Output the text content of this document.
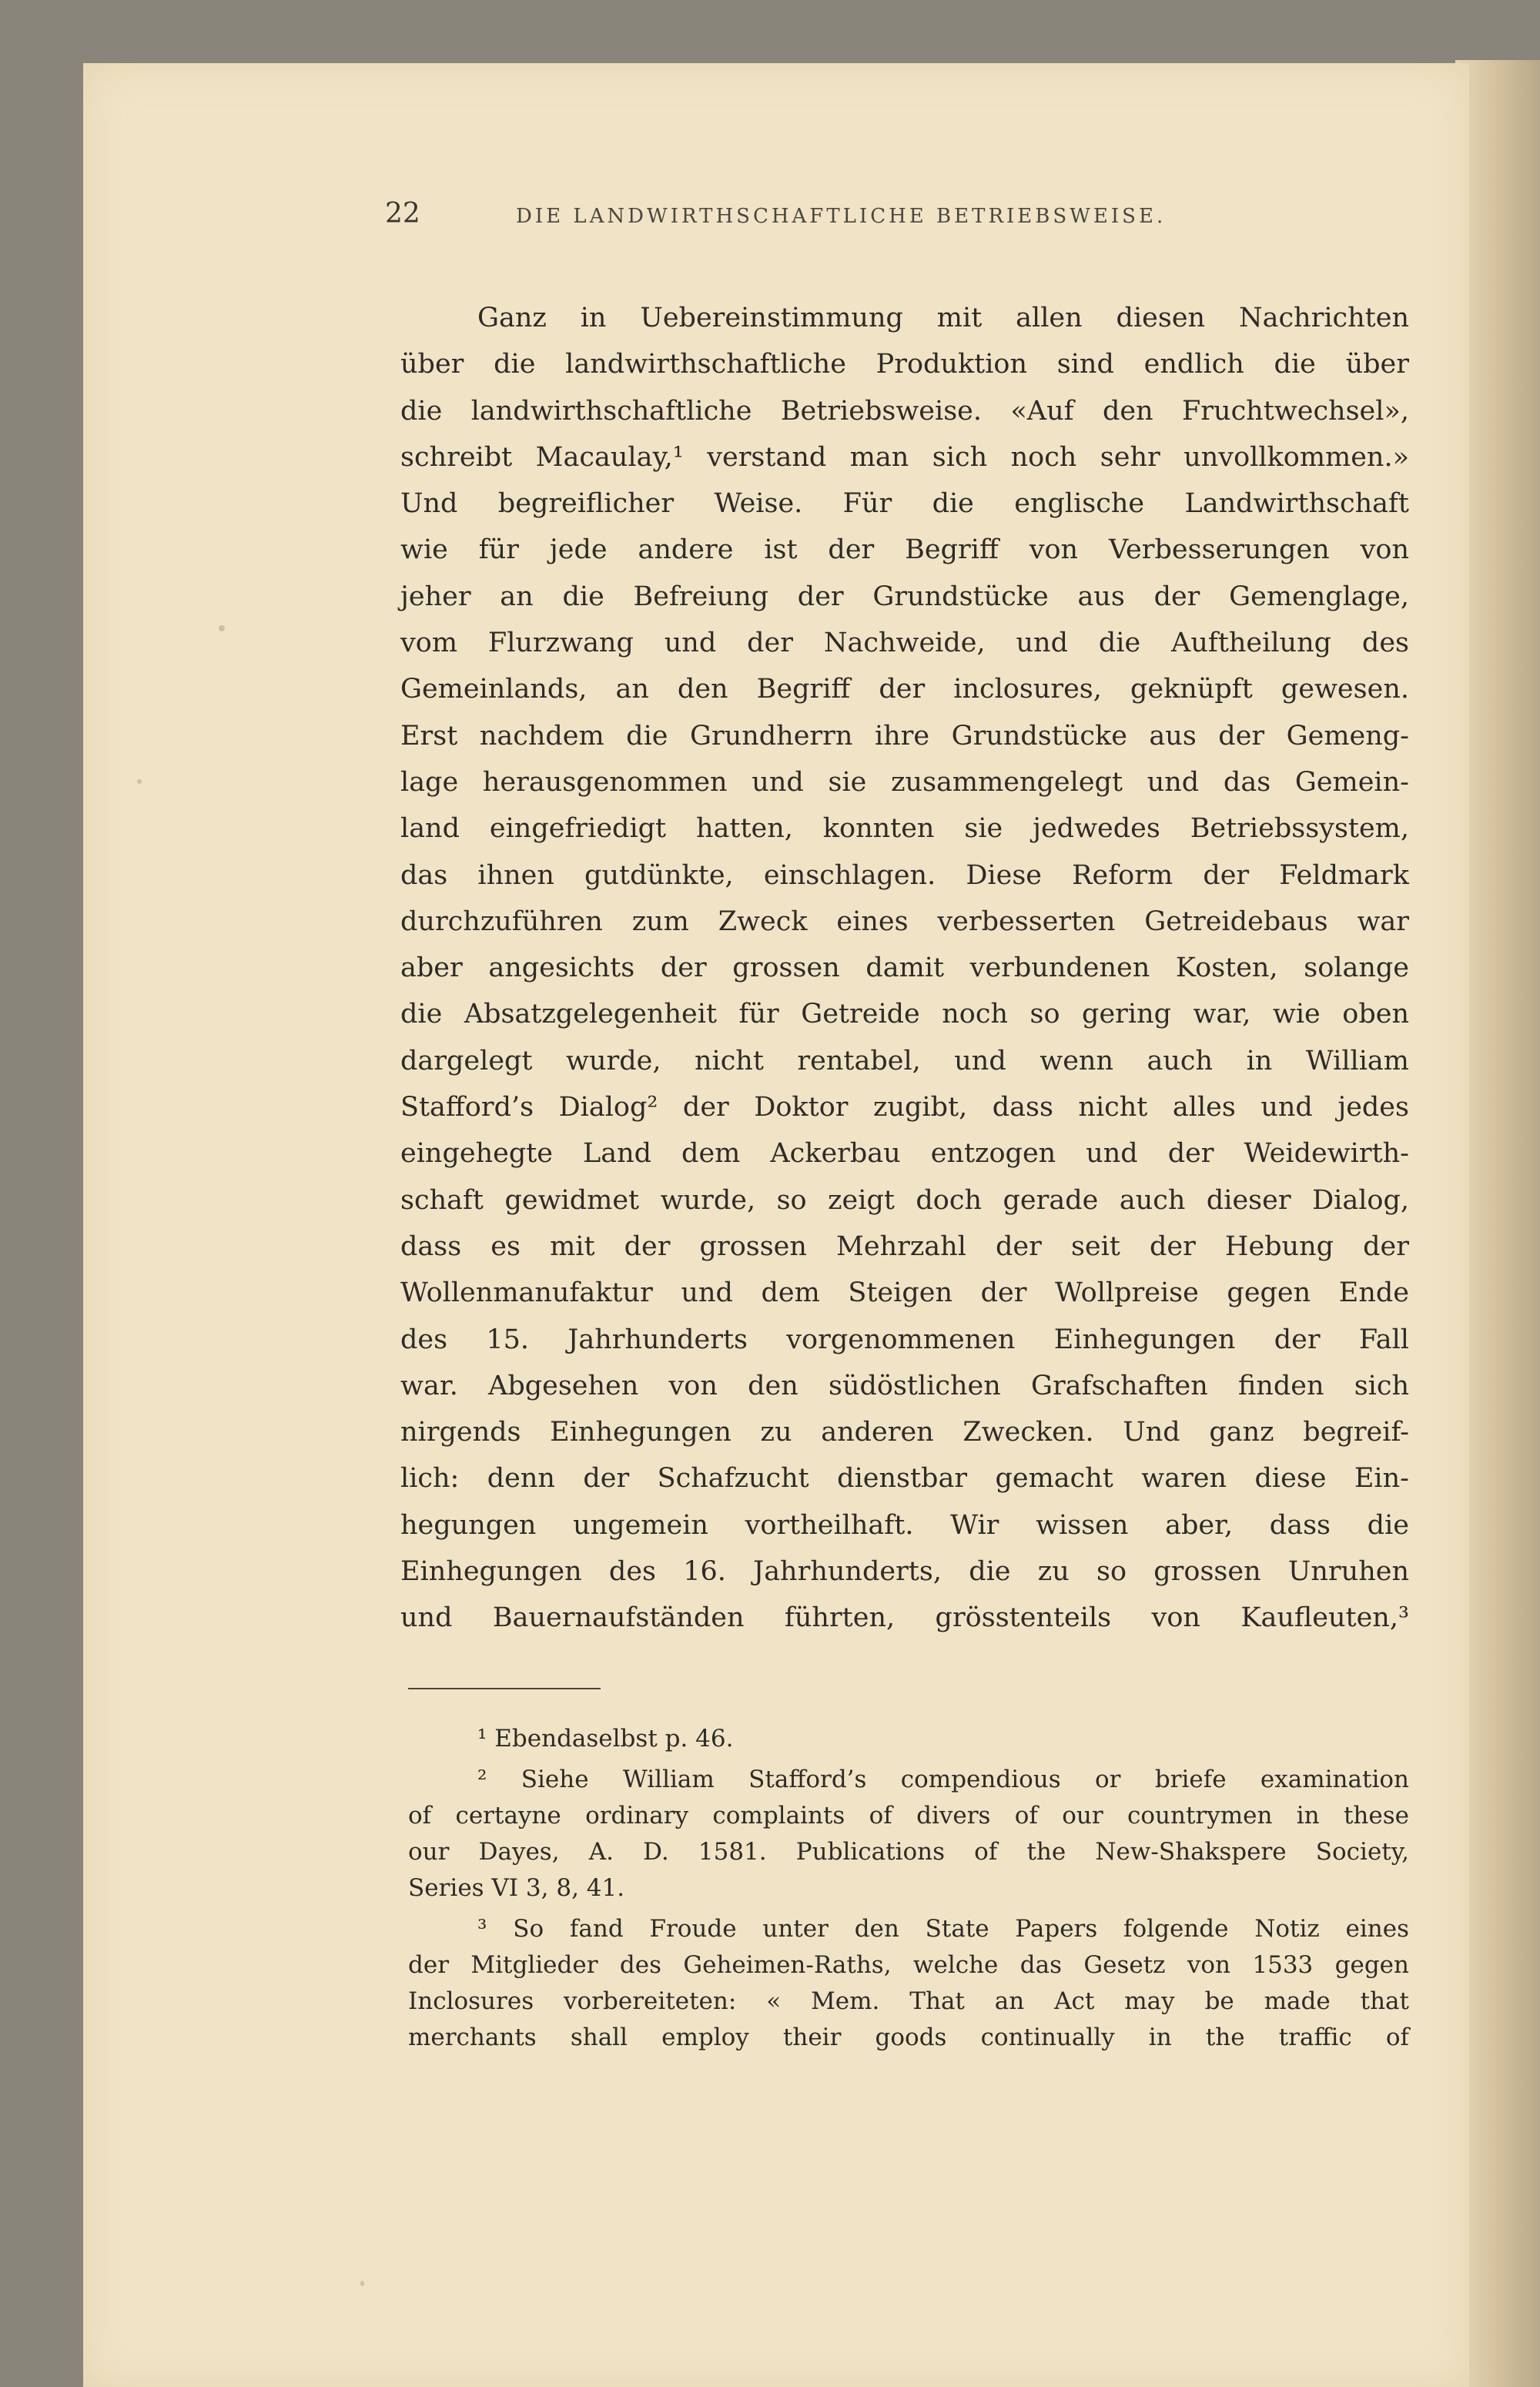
22	DIE LANDWIRTHSCHAFTLICHE BETRIEBSWEISE.
Ganz in Uebereinstimmung mit allen diesen Nachrichten
über die landwirthschaftliche Produktion sind endlich die über
die landwirthschaftliche Betriebsweise. «Auf den Fruchtwechsel»,
schreibt Macaulay,¹ verstand man sich noch sehr unvollkommen.»
Und begreiflicher Weise. Für die englische Landwirthschaft
wie für jede andere ist der Begriff von Verbesserungen von
jeher an die Befreiung der Grundstücke aus der Gemenglage,
vom Flurzwang und der Nachweide, und die Auftheilung des
Gemeinlands, an den Begriff der inclosures, geknüpft gewesen.
Erst nachdem die Grundherrn ihre Grundstücke aus der Gemeng-
lage herausgenommen und sie zusammengelegt und das Gemein-
land eingefriedigt hatten, konnten sie jedwedes Betriebssystem,
das ihnen gutdünkte, einschlagen. Diese Reform der Feldmark
durchzuführen zum Zweck eines verbesserten Getreidebaus war
aber angesichts der grossen damit verbundenen Kosten, solange
die Absatzgelegenheit für Getreide noch so gering war, wie oben
dargelegt wurde, nicht rentabel, und wenn auch in William
Stafford’s Dialog² der Doktor zugibt, dass nicht alles und jedes
eingehegte Land dem Ackerbau entzogen und der Weidewirth-
schaft gewidmet wurde, so zeigt doch gerade auch dieser Dialog,
dass es mit der grossen Mehrzahl der seit der Hebung der
Wollenmanufaktur und dem Steigen der Wollpreise gegen Ende
des 15. Jahrhunderts vorgenommenen Einhegungen der Fall
war. Abgesehen von den südöstlichen Grafschaften finden sich
nirgends Einhegungen zu anderen Zwecken. Und ganz begreif-
lich: denn der Schafzucht dienstbar gemacht waren diese Ein-
hegungen ungemein vortheilhaft. Wir wissen aber, dass die
Einhegungen des 16. Jahrhunderts, die zu so grossen Unruhen
und Bauernaufständen führten, grösstenteils von Kaufleuten,³
¹ Ebendaselbst p. 46.
² Siehe William Stafford’s compendious or briefe examination
of certayne ordinary complaints of divers of our countrymen in these
our Dayes, A. D. 1581. Publications of the New-Shakspere Society,
Series VI 3, 8, 41.
³ So fand Froude unter den State Papers folgende Notiz eines
der Mitglieder des Geheimen-Raths, welche das Gesetz von 1533 gegen
Inclosures vorbereiteten: « Mem. That an Act may be made that
merchants shall employ their goods continually in the traffic of
